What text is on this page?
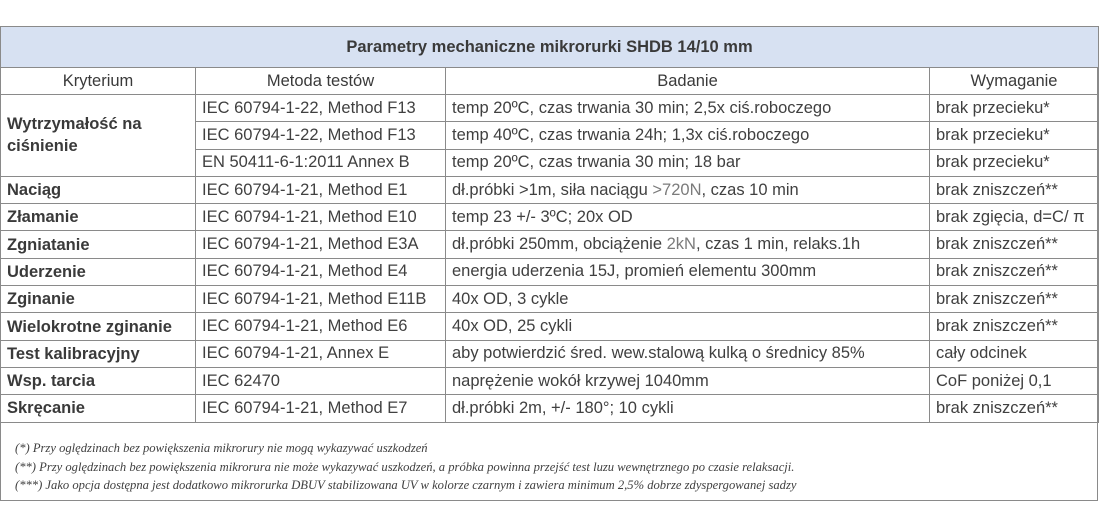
Parametry mechaniczne mikrorurki SHDB 14/10 mm			
Kryterium	Metoda testów	Badanie	Wymaganie
Wytrzymałość na ciśnienie	IEC 60794-1-22, Method F13	temp 20ºC, czas trwania 30 min; 2,5x ciś.roboczego	brak przecieku*
	IEC 60794-1-22, Method F13	temp 40ºC, czas trwania 24h; 1,3x ciś.roboczego	brak przecieku*
	EN 50411-6-1:2011 Annex B	temp 20ºC, czas trwania 30 min; 18 bar	brak przecieku*
Naciąg	IEC 60794-1-21, Method E1	dł.próbki >1m, siła naciągu >720N, czas 10 min	brak zniszczeń**
Złamanie	IEC 60794-1-21, Method E10	temp 23 +/- 3ºC; 20x OD	brak zgięcia, d=C/ π
Zgniatanie	IEC 60794-1-21, Method E3A	dł.próbki 250mm, obciążenie 2kN, czas 1 min, relaks.1h	brak zniszczeń**
Uderzenie	IEC 60794-1-21, Method E4	energia uderzenia 15J, promień elementu 300mm	brak zniszczeń**
Zginanie	IEC 60794-1-21, Method E11B	40x OD, 3 cykle	brak zniszczeń**
Wielokrotne zginanie	IEC 60794-1-21, Method E6	40x OD, 25 cykli	brak zniszczeń**
Test kalibracyjny	IEC 60794-1-21, Annex E	aby potwierdzić śred. wew.stalową kulką o średnicy 85%	cały odcinek
Wsp. tarcia	IEC 62470	naprężenie wokół krzywej 1040mm	CoF poniżej 0,1
Skręcanie	IEC 60794-1-21, Method E7	dł.próbki 2m, +/- 180°; 10 cykli	brak zniszczeń**
(*) Przy oględzinach bez powiększenia mikrorury nie mogą wykazywać uszkodzeń
(**) Przy oględzinach bez powiększenia mikrorura nie może wykazywać uszkodzeń, a próbka powinna przejść test luzu wewnętrznego po czasie relaksacji.
(***) Jako opcja dostępna jest dodatkowo mikrorurka DBUV stabilizowana UV w kolorze czarnym i zawiera minimum 2,5% dobrze zdyspergowanej sadzy
